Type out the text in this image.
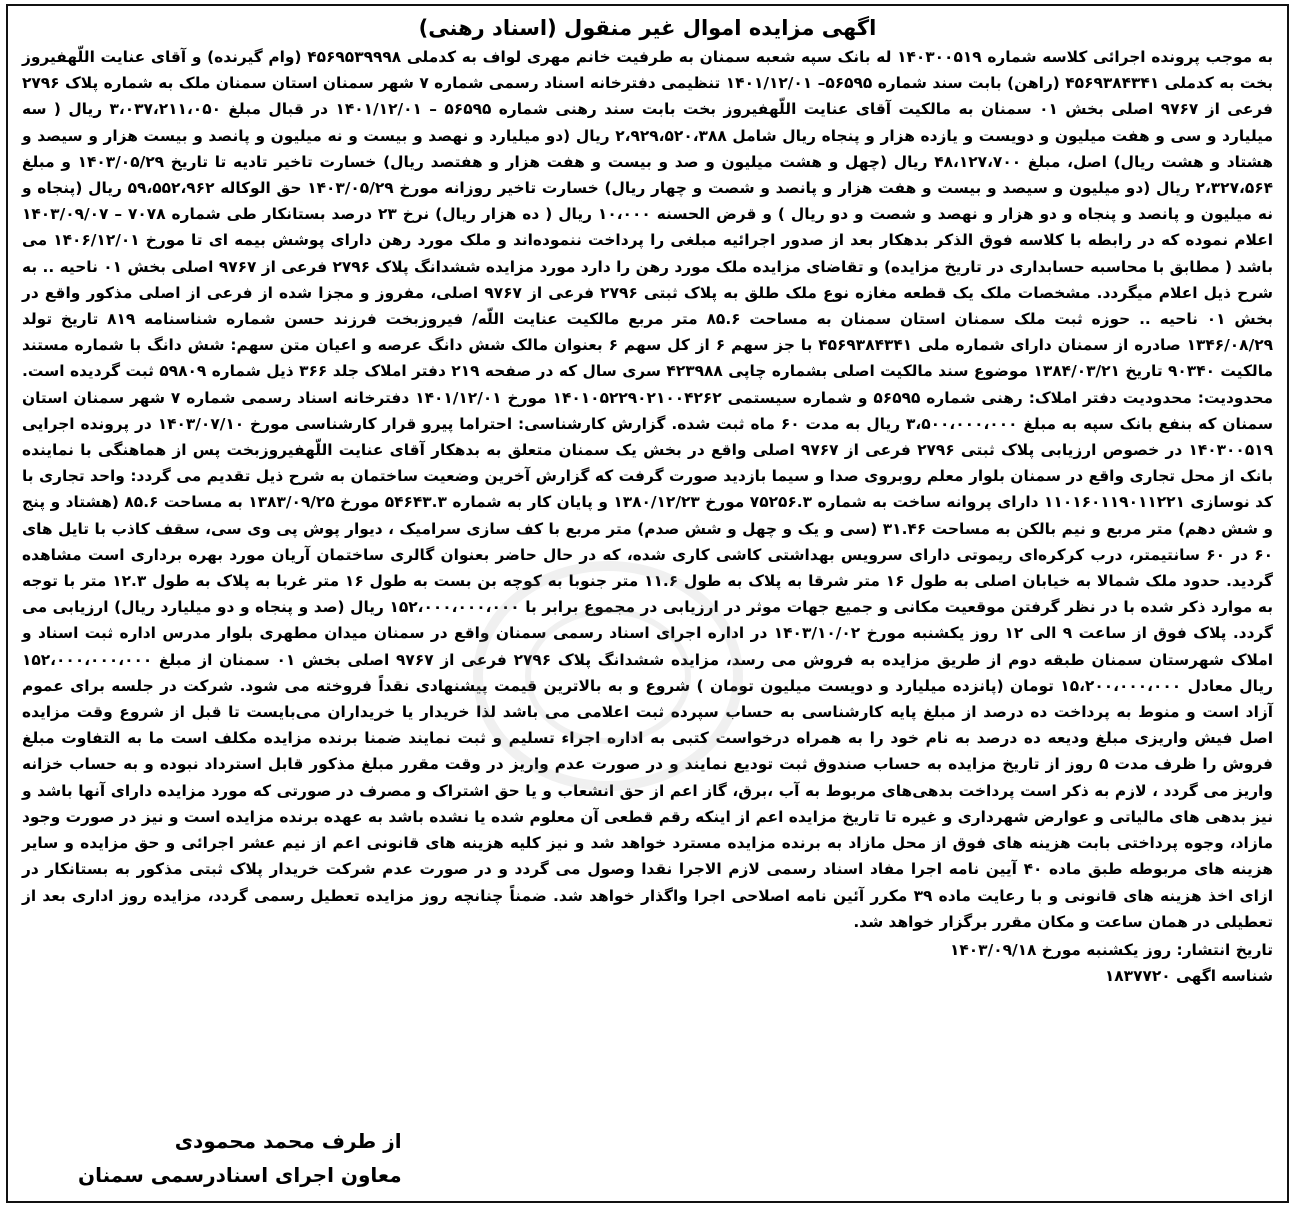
اگهی مزایده اموال غیر منقول (اسناد رهنی)

به موجب پرونده اجرائی کلاسه شماره ۱۴۰۳۰۰۵۱۹ له بانک سپه شعبه سمنان به طرفیت خانم مهری لواف به کدملی ۴۵۶۹۵۳۹۹۹۸ (وام گیرنده) و آقای عنایت اللّهفیروز بخت به کدملی ۴۵۶۹۳۸۴۳۴۱ (راهن) بابت سند شماره ۵۶۵۹۵– ۱۴۰۱/۱۲/۰۱ تنظیمی دفترخانه اسناد رسمی شماره ۷ شهر سمنان استان سمنان ملک به شماره پلاک ۲۷۹۶ فرعی از ۹۷۶۷ اصلی بخش ۰۱ سمنان به مالکیت آقای عنایت اللّهفیروز بخت بابت سند رهنی شماره ۵۶۵۹۵ – ۱۴۰۱/۱۲/۰۱ در قبال مبلغ ۳،۰۳۷،۲۱۱،۰۵۰ ریال ( سه میلیارد و سی و هفت میلیون و دویست و یازده هزار و پنجاه ریال شامل ۲،۹۲۹،۵۲۰،۳۸۸ ریال (دو میلیارد و نهصد و بیست و نه میلیون و پانصد و بیست هزار و سیصد و هشتاد و هشت ریال) اصل، مبلغ ۴۸،۱۲۷،۷۰۰ ریال (چهل و هشت میلیون و صد و بیست و هفت هزار و هفتصد ریال) خسارت تاخیر تادیه تا تاریخ ۱۴۰۳/۰۵/۲۹ و مبلغ ۲،۳۲۷،۵۶۴ ریال (دو میلیون و سیصد و بیست و هفت هزار و پانصد و شصت و چهار ریال) خسارت تاخیر روزانه مورخ ۱۴۰۳/۰۵/۲۹ حق الوکاله ۵۹،۵۵۲،۹۶۲ ریال (پنجاه و نه میلیون و پانصد و پنجاه و دو هزار و نهصد و شصت و دو ریال ) و قرض الحسنه ۱۰،۰۰۰ ریال ( ده هزار ریال) نرخ ۲۳ درصد بستانکار طی شماره ۷۰۷۸ – ۱۴۰۳/۰۹/۰۷ اعلام نموده که در رابطه با کلاسه فوق الذکر بدهکار بعد از صدور اجرائیه مبلغی را پرداخت ننموده‌اند و ملک مورد رهن دارای پوشش بیمه ای تا مورخ ۱۴۰۶/۱۲/۰۱ می باشد ( مطابق با محاسبه حسابداری در تاریخ مزایده) و تقاضای مزایده ملک مورد رهن را دارد مورد مزایده ششدانگ پلاک ۲۷۹۶ فرعی از ۹۷۶۷ اصلی بخش ۰۱ ناحیه .. به شرح ذیل اعلام میگردد. مشخصات ملک یک قطعه مغازه نوع ملک طلق به پلاک ثبتی ۲۷۹۶ فرعی از ۹۷۶۷ اصلی، مفروز و مجزا شده از فرعی از اصلی مذکور واقع در بخش ۰۱ ناحیه .. حوزه ثبت ملک سمنان استان سمنان به مساحت ۸۵.۶ متر مربع مالکیت عنایت اللّه/ فیروزبخت فرزند حسن شماره شناسنامه ۸۱۹ تاریخ تولد ۱۳۴۶/۰۸/۲۹ صادره از سمنان دارای شماره ملی ۴۵۶۹۳۸۴۳۴۱ با جز سهم ۶ از کل سهم ۶ بعنوان مالک شش دانگ عرصه و اعیان متن سهم: شش دانگ با شماره مستند مالکیت ۹۰۳۴۰ تاریخ ۱۳۸۴/۰۳/۲۱ موضوع سند مالکیت اصلی بشماره چاپی ۴۲۳۹۸۸ سری سال که در صفحه ۲۱۹ دفتر املاک جلد ۳۶۶ ذیل شماره ۵۹۸۰۹ ثبت گردیده است. محدودیت: محدودیت دفتر املاک: رهنی شماره ۵۶۵۹۵ و شماره سیستمی ۱۴۰۱۰۵۲۲۹۰۲۱۰۰۴۲۶۲ مورخ ۱۴۰۱/۱۲/۰۱ دفترخانه اسناد رسمی شماره ۷ شهر سمنان استان سمنان که بنفع بانک سپه به مبلغ ۳،۵۰۰،۰۰۰،۰۰۰ ریال به مدت ۶۰ ماه ثبت شده. گزارش کارشناسی: احتراما پیرو قرار کارشناسی مورخ ۱۴۰۳/۰۷/۱۰ در پرونده اجرایی ۱۴۰۳۰۰۵۱۹ در خصوص ارزیابی پلاک ثبتی ۲۷۹۶ فرعی از ۹۷۶۷ اصلی واقع در بخش یک سمنان متعلق به بدهکار آقای عنایت اللّهفیروزبخت پس از هماهنگی با نماینده بانک از محل تجاری واقع در سمنان بلوار معلم روبروی صدا و سیما بازدید صورت گرفت که گزارش آخرین وضعیت ساختمان به شرح ذیل تقدیم می گردد: واحد تجاری با کد نوسازی ۱۱۰۱۶۰۱۱۹۰۱۱۲۲۱ دارای پروانه ساخت به شماره ۷۵۲۵۶.۳ مورخ ۱۳۸۰/۱۲/۲۳ و پایان کار به شماره ۵۴۶۴۳.۳ مورخ ۱۳۸۳/۰۹/۲۵ به مساحت ۸۵.۶ (هشتاد و پنج و شش دهم) متر مربع و نیم بالکن به مساحت ۳۱.۴۶ (سی و یک و چهل و شش صدم) متر مربع با کف سازی سرامیک ، دیوار پوش پی وی سی، سقف کاذب با تایل های ۶۰ در ۶۰ سانتیمتر، درب کرکره‌ای ریموتی دارای سرویس بهداشتی کاشی کاری شده، که در حال حاضر بعنوان گالری ساختمان آریان مورد بهره برداری است مشاهده گردید. حدود ملک شمالا به خیابان اصلی به طول ۱۶ متر شرقا به پلاک به طول ۱۱.۶ متر جنوبا به کوچه بن بست به طول ۱۶ متر غربا به پلاک به طول ۱۲.۳ متر با توجه به موارد ذکر شده با در نظر گرفتن موقعیت مکانی و جمیع جهات موثر در ارزیابی در مجموع برابر با ۱۵۲،۰۰۰،۰۰۰،۰۰۰ ریال (صد و پنجاه و دو میلیارد ریال) ارزیابی می گردد. پلاک فوق از ساعت ۹ الی ۱۲ روز یکشنبه مورخ ۱۴۰۳/۱۰/۰۲ در اداره اجرای اسناد رسمی سمنان واقع در سمنان میدان مطهری بلوار مدرس اداره ثبت اسناد و املاک شهرستان سمنان طبقه دوم از طریق مزایده به فروش می رسد، مزایده ششدانگ پلاک ۲۷۹۶ فرعی از ۹۷۶۷ اصلی بخش ۰۱ سمنان از مبلغ ۱۵۲،۰۰۰،۰۰۰،۰۰۰ ریال معادل ۱۵،۲۰۰،۰۰۰،۰۰۰ تومان (پانزده میلیارد و دویست میلیون تومان ) شروع و به بالاترین قیمت پیشنهادی نقداً فروخته می شود. شرکت در جلسه برای عموم آزاد است و منوط به پرداخت ده درصد از مبلغ پایه کارشناسی به حساب سپرده ثبت اعلامی می باشد لذا خریدار یا خریداران می‌بایست تا قبل از شروع وقت مزایده اصل فیش واریزی مبلغ ودیعه ده درصد به نام خود را به همراه درخواست کتبی به اداره اجراء تسلیم و ثبت نمایند ضمنا برنده مزایده مکلف است ما به التفاوت مبلغ فروش را ظرف مدت ۵ روز از تاریخ مزایده به حساب صندوق ثبت تودیع نمایند و در صورت عدم واریز در وقت مقرر مبلغ مذکور قابل استرداد نبوده و به حساب خزانه واریز می گردد ، لازم به ذکر است پرداخت بدهی‌های مربوط به آب ،برق، گاز اعم از حق انشعاب و یا حق اشتراک و مصرف در صورتی که مورد مزایده دارای آنها باشد و نیز بدهی های مالیاتی و عوارض شهرداری و غیره تا تاریخ مزایده اعم از اینکه رقم قطعی آن معلوم شده یا نشده باشد به عهده برنده مزایده است و نیز در صورت وجود مازاد، وجوه پرداختی بابت هزینه های فوق از محل مازاد به برنده مزایده مسترد خواهد شد و نیز کلیه هزینه های قانونی اعم از نیم عشر اجرائی و حق مزایده و سایر هزینه های مربوطه طبق ماده ۴۰ آیین نامه اجرا مفاد اسناد رسمی لازم الاجرا نقدا وصول می گردد و در صورت عدم شرکت خریدار پلاک ثبتی مذکور به بستانکار در ازای اخذ هزینه های قانونی و با رعایت ماده ۳۹ مکرر آئین نامه اصلاحی اجرا واگذار خواهد شد. ضمناً چنانچه روز مزایده تعطیل رسمی گردد، مزایده روز اداری بعد از تعطیلی در همان ساعت و مکان مقرر برگزار خواهد شد.

تاریخ انتشار: روز یکشنبه مورخ ۱۴۰۳/۰۹/۱۸
شناسه اگهی ۱۸۳۷۷۲۰
از طرف محمد محمودی
معاون اجرای اسنادرسمی سمنان
